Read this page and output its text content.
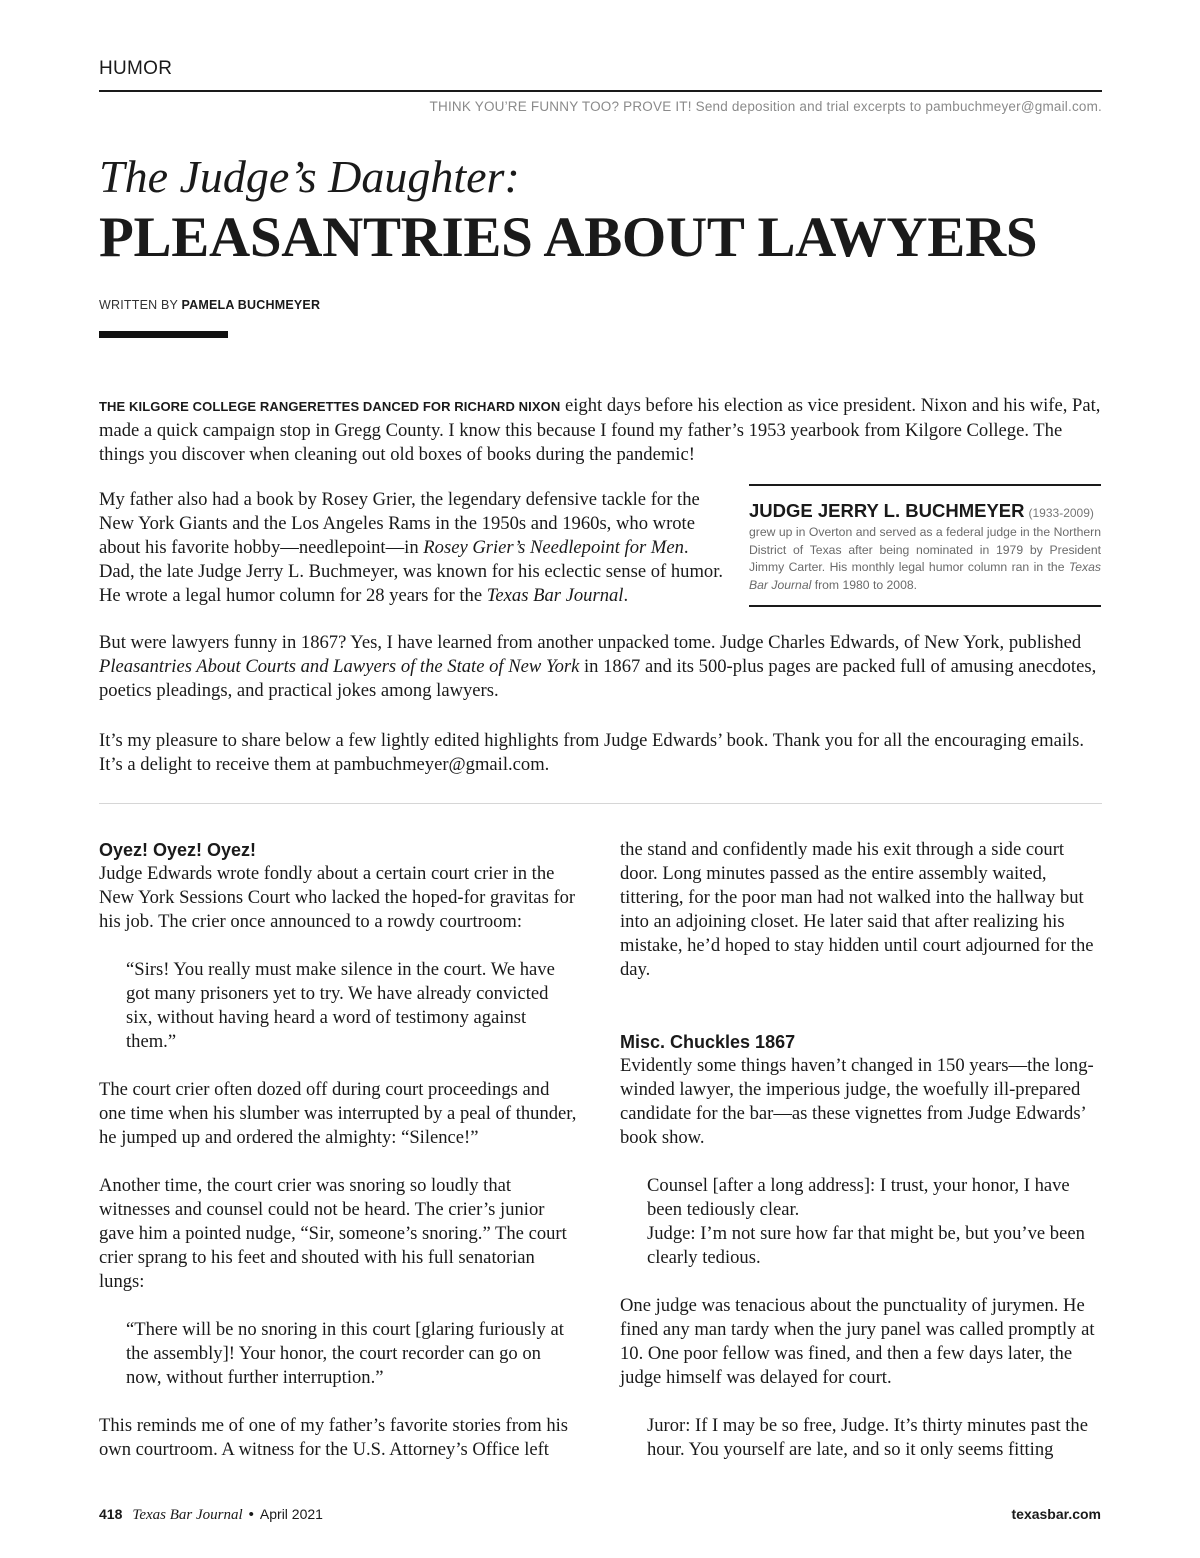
HUMOR
THINK YOU’RE FUNNY TOO? PROVE IT! Send deposition and trial excerpts to pambuchmeyer@gmail.com.
The Judge’s Daughter:
PLEASANTRIES ABOUT LAWYERS
WRITTEN BY PAMELA BUCHMEYER
THE KILGORE COLLEGE RANGERETTES DANCED FOR RICHARD NIXON eight days before his election as vice president. Nixon and his wife, Pat, made a quick campaign stop in Gregg County. I know this because I found my father’s 1953 yearbook from Kilgore College. The things you discover when cleaning out old boxes of books during the pandemic!
My father also had a book by Rosey Grier, the legendary defensive tackle for the New York Giants and the Los Angeles Rams in the 1950s and 1960s, who wrote about his favorite hobby—needlepoint—in Rosey Grier’s Needlepoint for Men. Dad, the late Judge Jerry L. Buchmeyer, was known for his eclectic sense of humor. He wrote a legal humor column for 28 years for the Texas Bar Journal.
JUDGE JERRY L. BUCHMEYER (1933-2009)
grew up in Overton and served as a federal judge in the Northern District of Texas after being nominated in 1979 by President Jimmy Carter. His monthly legal humor column ran in the Texas Bar Journal from 1980 to 2008.
But were lawyers funny in 1867? Yes, I have learned from another unpacked tome. Judge Charles Edwards, of New York, published Pleasantries About Courts and Lawyers of the State of New York in 1867 and its 500-plus pages are packed full of amusing anecdotes, poetics pleadings, and practical jokes among lawyers.
It’s my pleasure to share below a few lightly edited highlights from Judge Edwards’ book. Thank you for all the encouraging emails. It’s a delight to receive them at pambuchmeyer@gmail.com.
Oyez! Oyez! Oyez!

Judge Edwards wrote fondly about a certain court crier in the New York Sessions Court who lacked the hoped-for gravitas for his job. The crier once announced to a rowdy courtroom:

“Sirs! You really must make silence in the court. We have got many prisoners yet to try. We have already convicted six, without having heard a word of testimony against them.”

The court crier often dozed off during court proceedings and one time when his slumber was interrupted by a peal of thunder, he jumped up and ordered the almighty: “Silence!”

Another time, the court crier was snoring so loudly that witnesses and counsel could not be heard. The crier’s junior gave him a pointed nudge, “Sir, someone’s snoring.” The court crier sprang to his feet and shouted with his full senatorian lungs:

“There will be no snoring in this court [glaring furiously at the assembly]! Your honor, the court recorder can go on now, without further interruption.”

This reminds me of one of my father’s favorite stories from his own courtroom. A witness for the U.S. Attorney’s Office left

the stand and confidently made his exit through a side court door. Long minutes passed as the entire assembly waited, tittering, for the poor man had not walked into the hallway but into an adjoining closet. He later said that after realizing his mistake, he’d hoped to stay hidden until court adjourned for the day.

Misc. Chuckles 1867

Evidently some things haven’t changed in 150 years—the long-winded lawyer, the imperious judge, the woefully ill-prepared candidate for the bar—as these vignettes from Judge Edwards’ book show.

Counsel [after a long address]: I trust, your honor, I have been tediously clear.

Judge: I’m not sure how far that might be, but you’ve been clearly tedious.

One judge was tenacious about the punctuality of jurymen. He fined any man tardy when the jury panel was called promptly at 10. One poor fellow was fined, and then a few days later, the judge himself was delayed for court.

Juror: If I may be so free, Judge. It’s thirty minutes past the hour. You yourself are late, and so it only seems fitting

418 Texas Bar Journal • April 2021	texasbar.com
